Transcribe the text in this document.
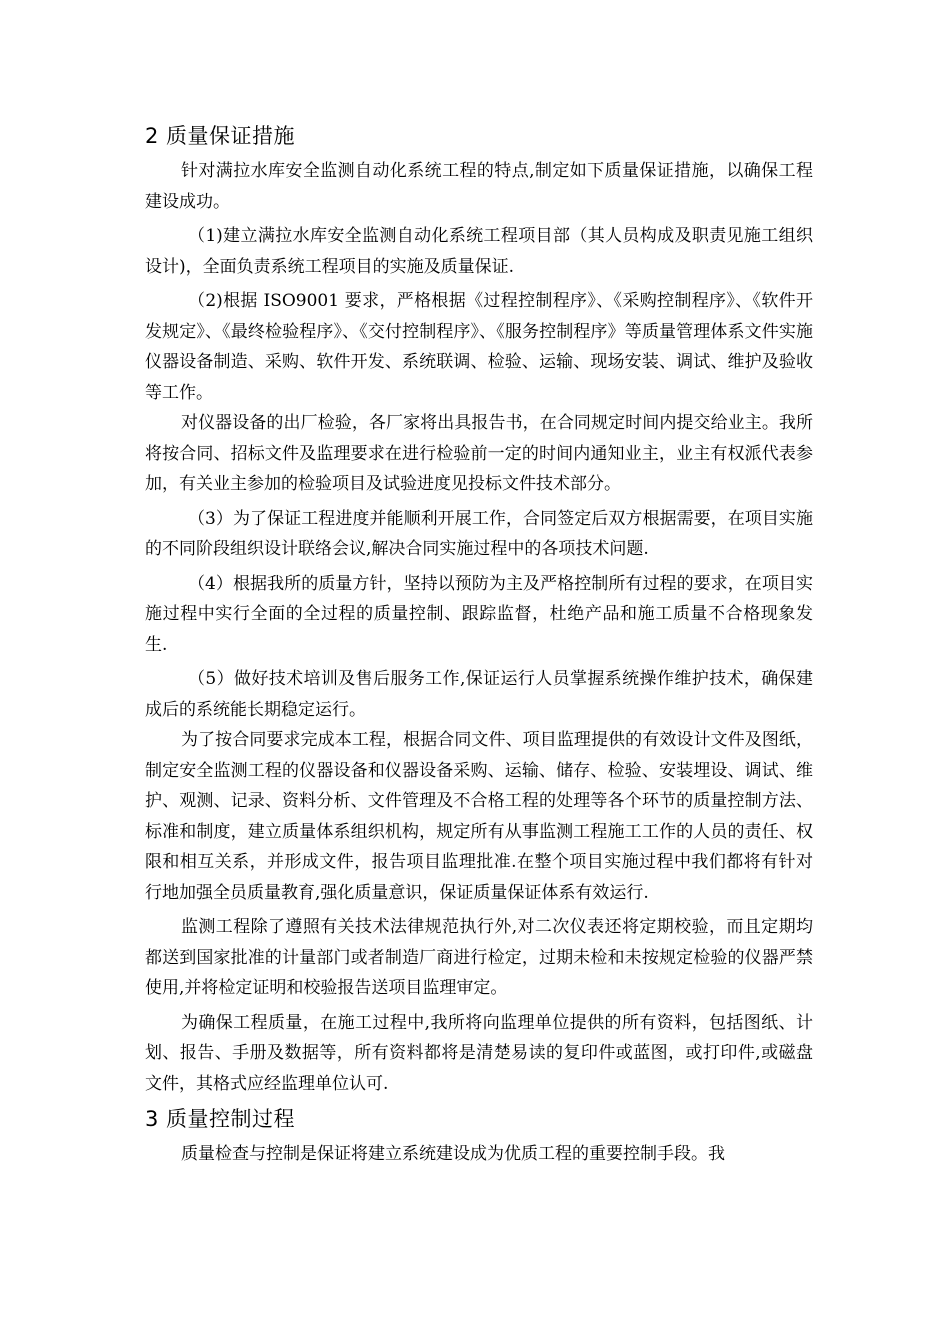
2 质量保证措施

针对满拉水库安全监测自动化系统工程的特点,制定如下质量保证措施，以确保工程建设成功。

（1)建立满拉水库安全监测自动化系统工程项目部（其人员构成及职责见施工组织设计)，全面负责系统工程项目的实施及质量保证.

（2)根据 ISO9001 要求，严格根据《过程控制程序》、《采购控制程序》、《软件开发规定》、《最终检验程序》、《交付控制程序》、《服务控制程序》等质量管理体系文件实施仪器设备制造、采购、软件开发、系统联调、检验、运输、现场安装、调试、维护及验收等工作。

对仪器设备的出厂检验，各厂家将出具报告书，在合同规定时间内提交给业主。我所将按合同、招标文件及监理要求在进行检验前一定的时间内通知业主，业主有权派代表参加，有关业主参加的检验项目及试验进度见投标文件技术部分。

（3）为了保证工程进度并能顺利开展工作，合同签定后双方根据需要，在项目实施的不同阶段组织设计联络会议,解决合同实施过程中的各项技术问题.

（4）根据我所的质量方针，坚持以预防为主及严格控制所有过程的要求，在项目实施过程中实行全面的全过程的质量控制、跟踪监督，杜绝产品和施工质量不合格现象发生.

（5）做好技术培训及售后服务工作,保证运行人员掌握系统操作维护技术，确保建成后的系统能长期稳定运行。

为了按合同要求完成本工程，根据合同文件、项目监理提供的有效设计文件及图纸，制定安全监测工程的仪器设备和仪器设备采购、运输、储存、检验、安装埋设、调试、维护、观测、记录、资料分析、文件管理及不合格工程的处理等各个环节的质量控制方法、标准和制度，建立质量体系组织机构，规定所有从事监测工程施工工作的人员的责任、权限和相互关系，并形成文件，报告项目监理批准.在整个项目实施过程中我们都将有针对行地加强全员质量教育,强化质量意识，保证质量保证体系有效运行.

监测工程除了遵照有关技术法律规范执行外,对二次仪表还将定期校验，而且定期均都送到国家批准的计量部门或者制造厂商进行检定，过期未检和未按规定检验的仪器严禁使用,并将检定证明和校验报告送项目监理审定。

为确保工程质量，在施工过程中,我所将向监理单位提供的所有资料，包括图纸、计划、报告、手册及数据等，所有资料都将是清楚易读的复印件或蓝图，或打印件,或磁盘文件，其格式应经监理单位认可.

3 质量控制过程

质量检查与控制是保证将建立系统建设成为优质工程的重要控制手段。我
